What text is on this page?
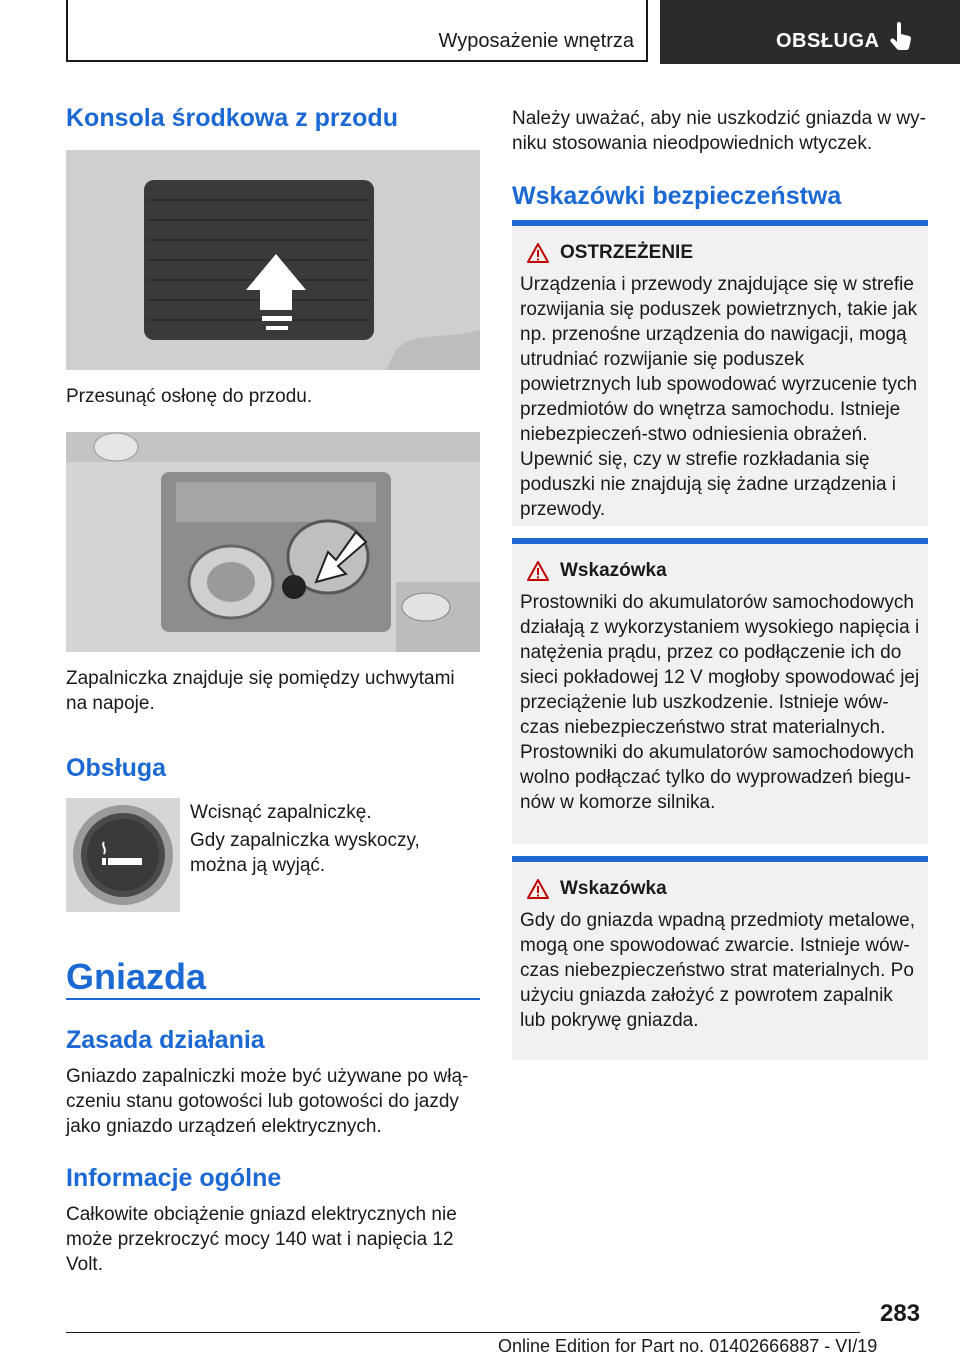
Wyposażenie wnętrza	OBSŁUGA
Konsola środkowa z przodu

Przesunąć osłonę do przodu.

Zapalniczka znajduje się pomiędzy uchwytami na napoje.

Obsługa

Wcisnąć zapalniczkę.

Gdy zapalniczka wyskoczy, można ją wyjąć.

Gniazda
Zasada działania

Gniazdo zapalniczki może być używane po włą-czeniu stanu gotowości lub gotowości do jazdy jako gniazdo urządzeń elektrycznych.

Informacje ogólne

Całkowite obciążenie gniazd elektrycznych nie może przekroczyć mocy 140 wat i napięcia 12 Volt.

Należy uważać, aby nie uszkodzić gniazda w wy-niku stosowania nieodpowiednich wtyczek.

Wskazówki bezpieczeństwa
OSTRZEŻENIE

Urządzenia i przewody znajdujące się w strefie rozwijania się poduszek powietrznych, takie jak np. przenośne urządzenia do nawigacji, mogą utrudniać rozwijanie się poduszek powietrznych lub spowodować wyrzucenie tych przedmiotów do wnętrza samochodu. Istnieje niebezpieczeń-stwo odniesienia obrażeń. Upewnić się, czy w strefie rozkładania się poduszki nie znajdują się żadne urządzenia i przewody.

Wskazówka

Prostowniki do akumulatorów samochodowych działają z wykorzystaniem wysokiego napięcia i natężenia prądu, przez co podłączenie ich do sieci pokładowej 12 V mogłoby spowodować jej przeciążenie lub uszkodzenie. Istnieje wów-czas niebezpieczeństwo strat materialnych. Prostowniki do akumulatorów samochodowych wolno podłączać tylko do wyprowadzeń biegu-nów w komorze silnika.

Wskazówka

Gdy do gniazda wpadną przedmioty metalowe, mogą one spowodować zwarcie. Istnieje wów-czas niebezpieczeństwo strat materialnych. Po użyciu gniazda założyć z powrotem zapalnik lub pokrywę gniazda.

283
Online Edition for Part no. 01402666887 - VI/19
